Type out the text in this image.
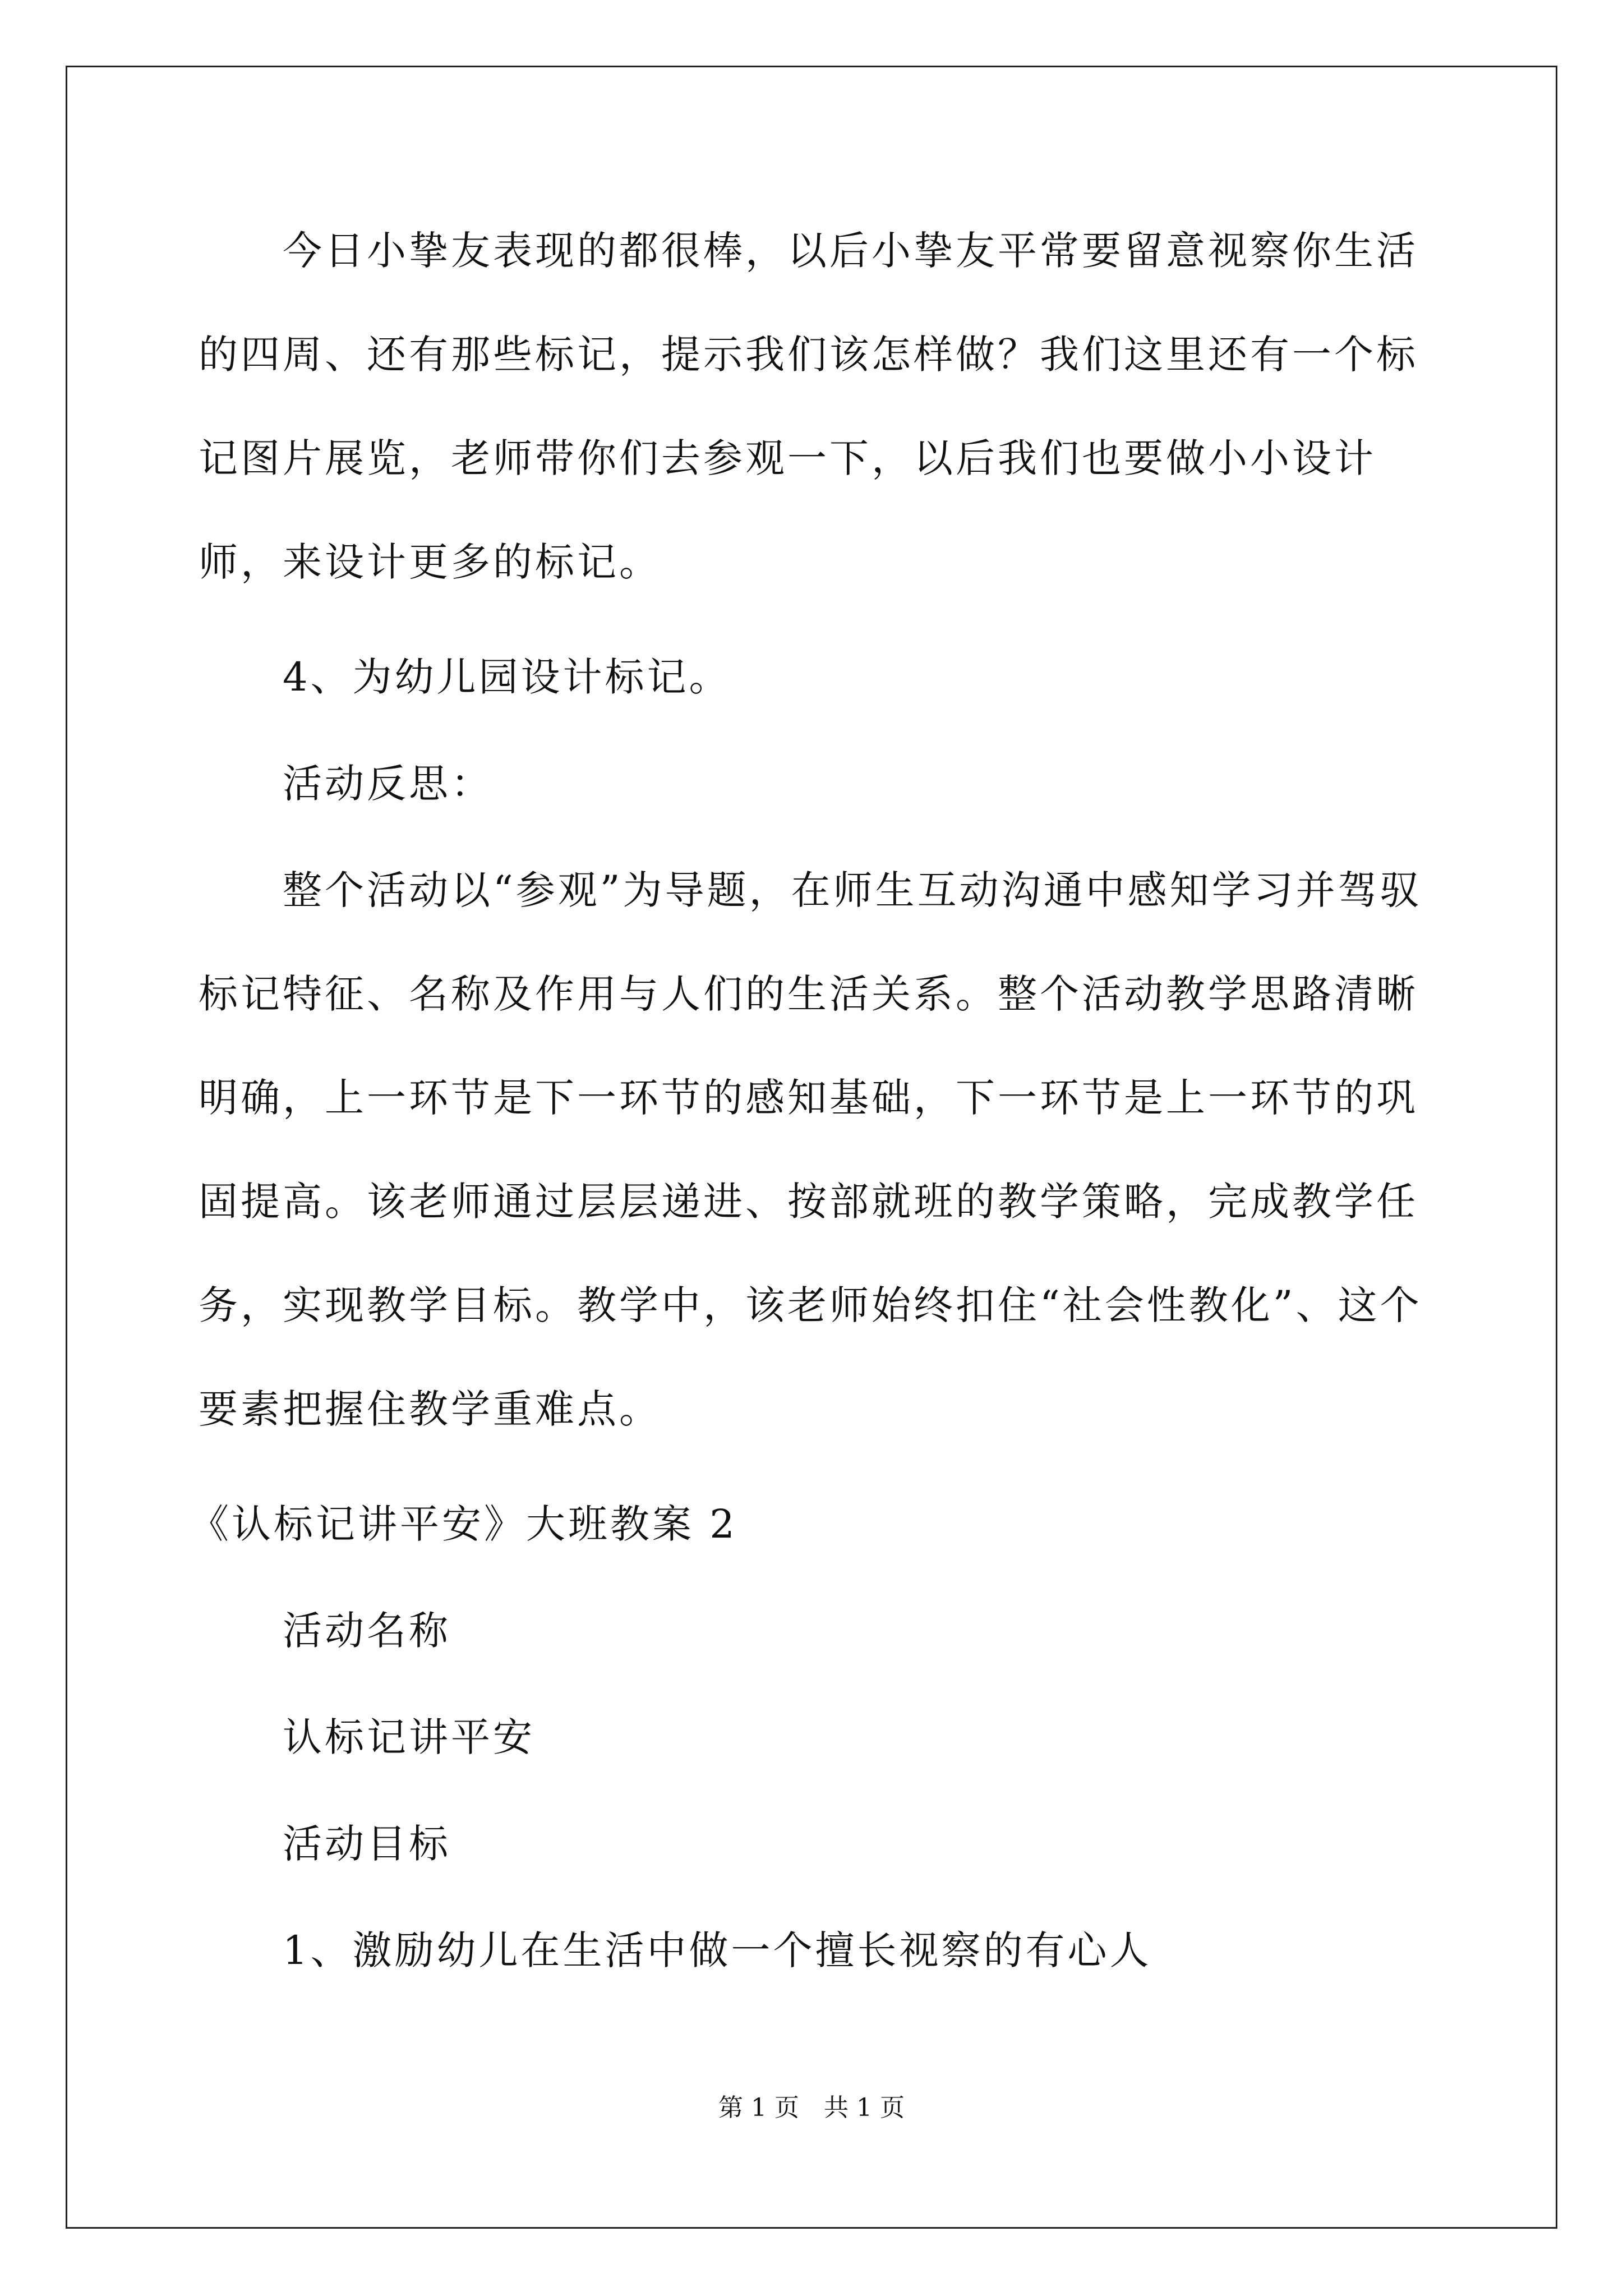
今日小挚友表现的都很棒，以后小挚友平常要留意视察你生活的四周、还有那些标记，提示我们该怎样做？我们这里还有一个标记图片展览，老师带你们去参观一下，以后我们也要做小小设计师，来设计更多的标记。

4、为幼儿园设计标记。

活动反思：

整个活动以“参观”为导题，在师生互动沟通中感知学习并驾驭标记特征、名称及作用与人们的生活关系。整个活动教学思路清晰明确，上一环节是下一环节的感知基础，下一环节是上一环节的巩固提高。该老师通过层层递进、按部就班的教学策略，完成教学任务，实现教学目标。教学中，该老师始终扣住“社会性教化”、这个要素把握住教学重难点。

《认标记讲平安》大班教案 2

活动名称

认标记讲平安

活动目标

1、激励幼儿在生活中做一个擅长视察的有心人

第 1 页　共 1 页
